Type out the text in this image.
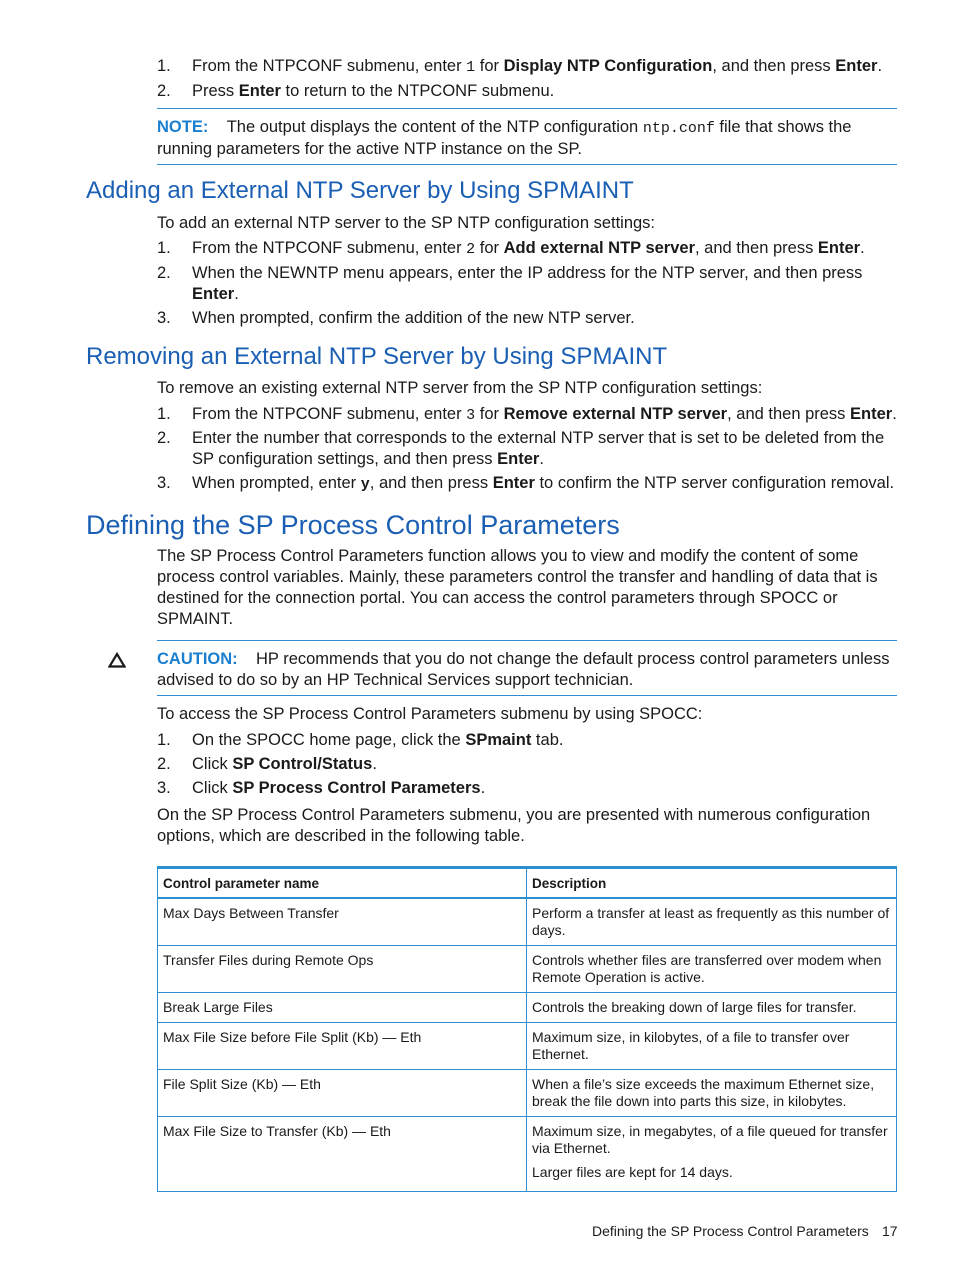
1. From the NTPCONF submenu, enter 1 for Display NTP Configuration, and then press Enter.
2. Press Enter to return to the NTPCONF submenu.
NOTE: The output displays the content of the NTP configuration ntp.conf file that shows the running parameters for the active NTP instance on the SP.
Adding an External NTP Server by Using SPMAINT
To add an external NTP server to the SP NTP configuration settings:
1. From the NTPCONF submenu, enter 2 for Add external NTP server, and then press Enter.
2. When the NEWNTP menu appears, enter the IP address for the NTP server, and then press Enter.
3. When prompted, confirm the addition of the new NTP server.
Removing an External NTP Server by Using SPMAINT
To remove an existing external NTP server from the SP NTP configuration settings:
1. From the NTPCONF submenu, enter 3 for Remove external NTP server, and then press Enter.
2. Enter the number that corresponds to the external NTP server that is set to be deleted from the SP configuration settings, and then press Enter.
3. When prompted, enter y, and then press Enter to confirm the NTP server configuration removal.
Defining the SP Process Control Parameters
The SP Process Control Parameters function allows you to view and modify the content of some process control variables. Mainly, these parameters control the transfer and handling of data that is destined for the connection portal. You can access the control parameters through SPOCC or SPMAINT.
CAUTION: HP recommends that you do not change the default process control parameters unless advised to do so by an HP Technical Services support technician.
To access the SP Process Control Parameters submenu by using SPOCC:
1. On the SPOCC home page, click the SPmaint tab.
2. Click SP Control/Status.
3. Click SP Process Control Parameters.
On the SP Process Control Parameters submenu, you are presented with numerous configuration options, which are described in the following table.
Control parameter name	Description
Max Days Between Transfer	Perform a transfer at least as frequently as this number of days.
Transfer Files during Remote Ops	Controls whether files are transferred over modem when Remote Operation is active.
Break Large Files	Controls the breaking down of large files for transfer.
Max File Size before File Split (Kb) — Eth	Maximum size, in kilobytes, of a file to transfer over Ethernet.
File Split Size (Kb) — Eth	When a file’s size exceeds the maximum Ethernet size, break the file down into parts this size, in kilobytes.
Max File Size to Transfer (Kb) — Eth	Maximum size, in megabytes, of a file queued for transfer via Ethernet.
Larger files are kept for 14 days.
Defining the SP Process Control Parameters 17
